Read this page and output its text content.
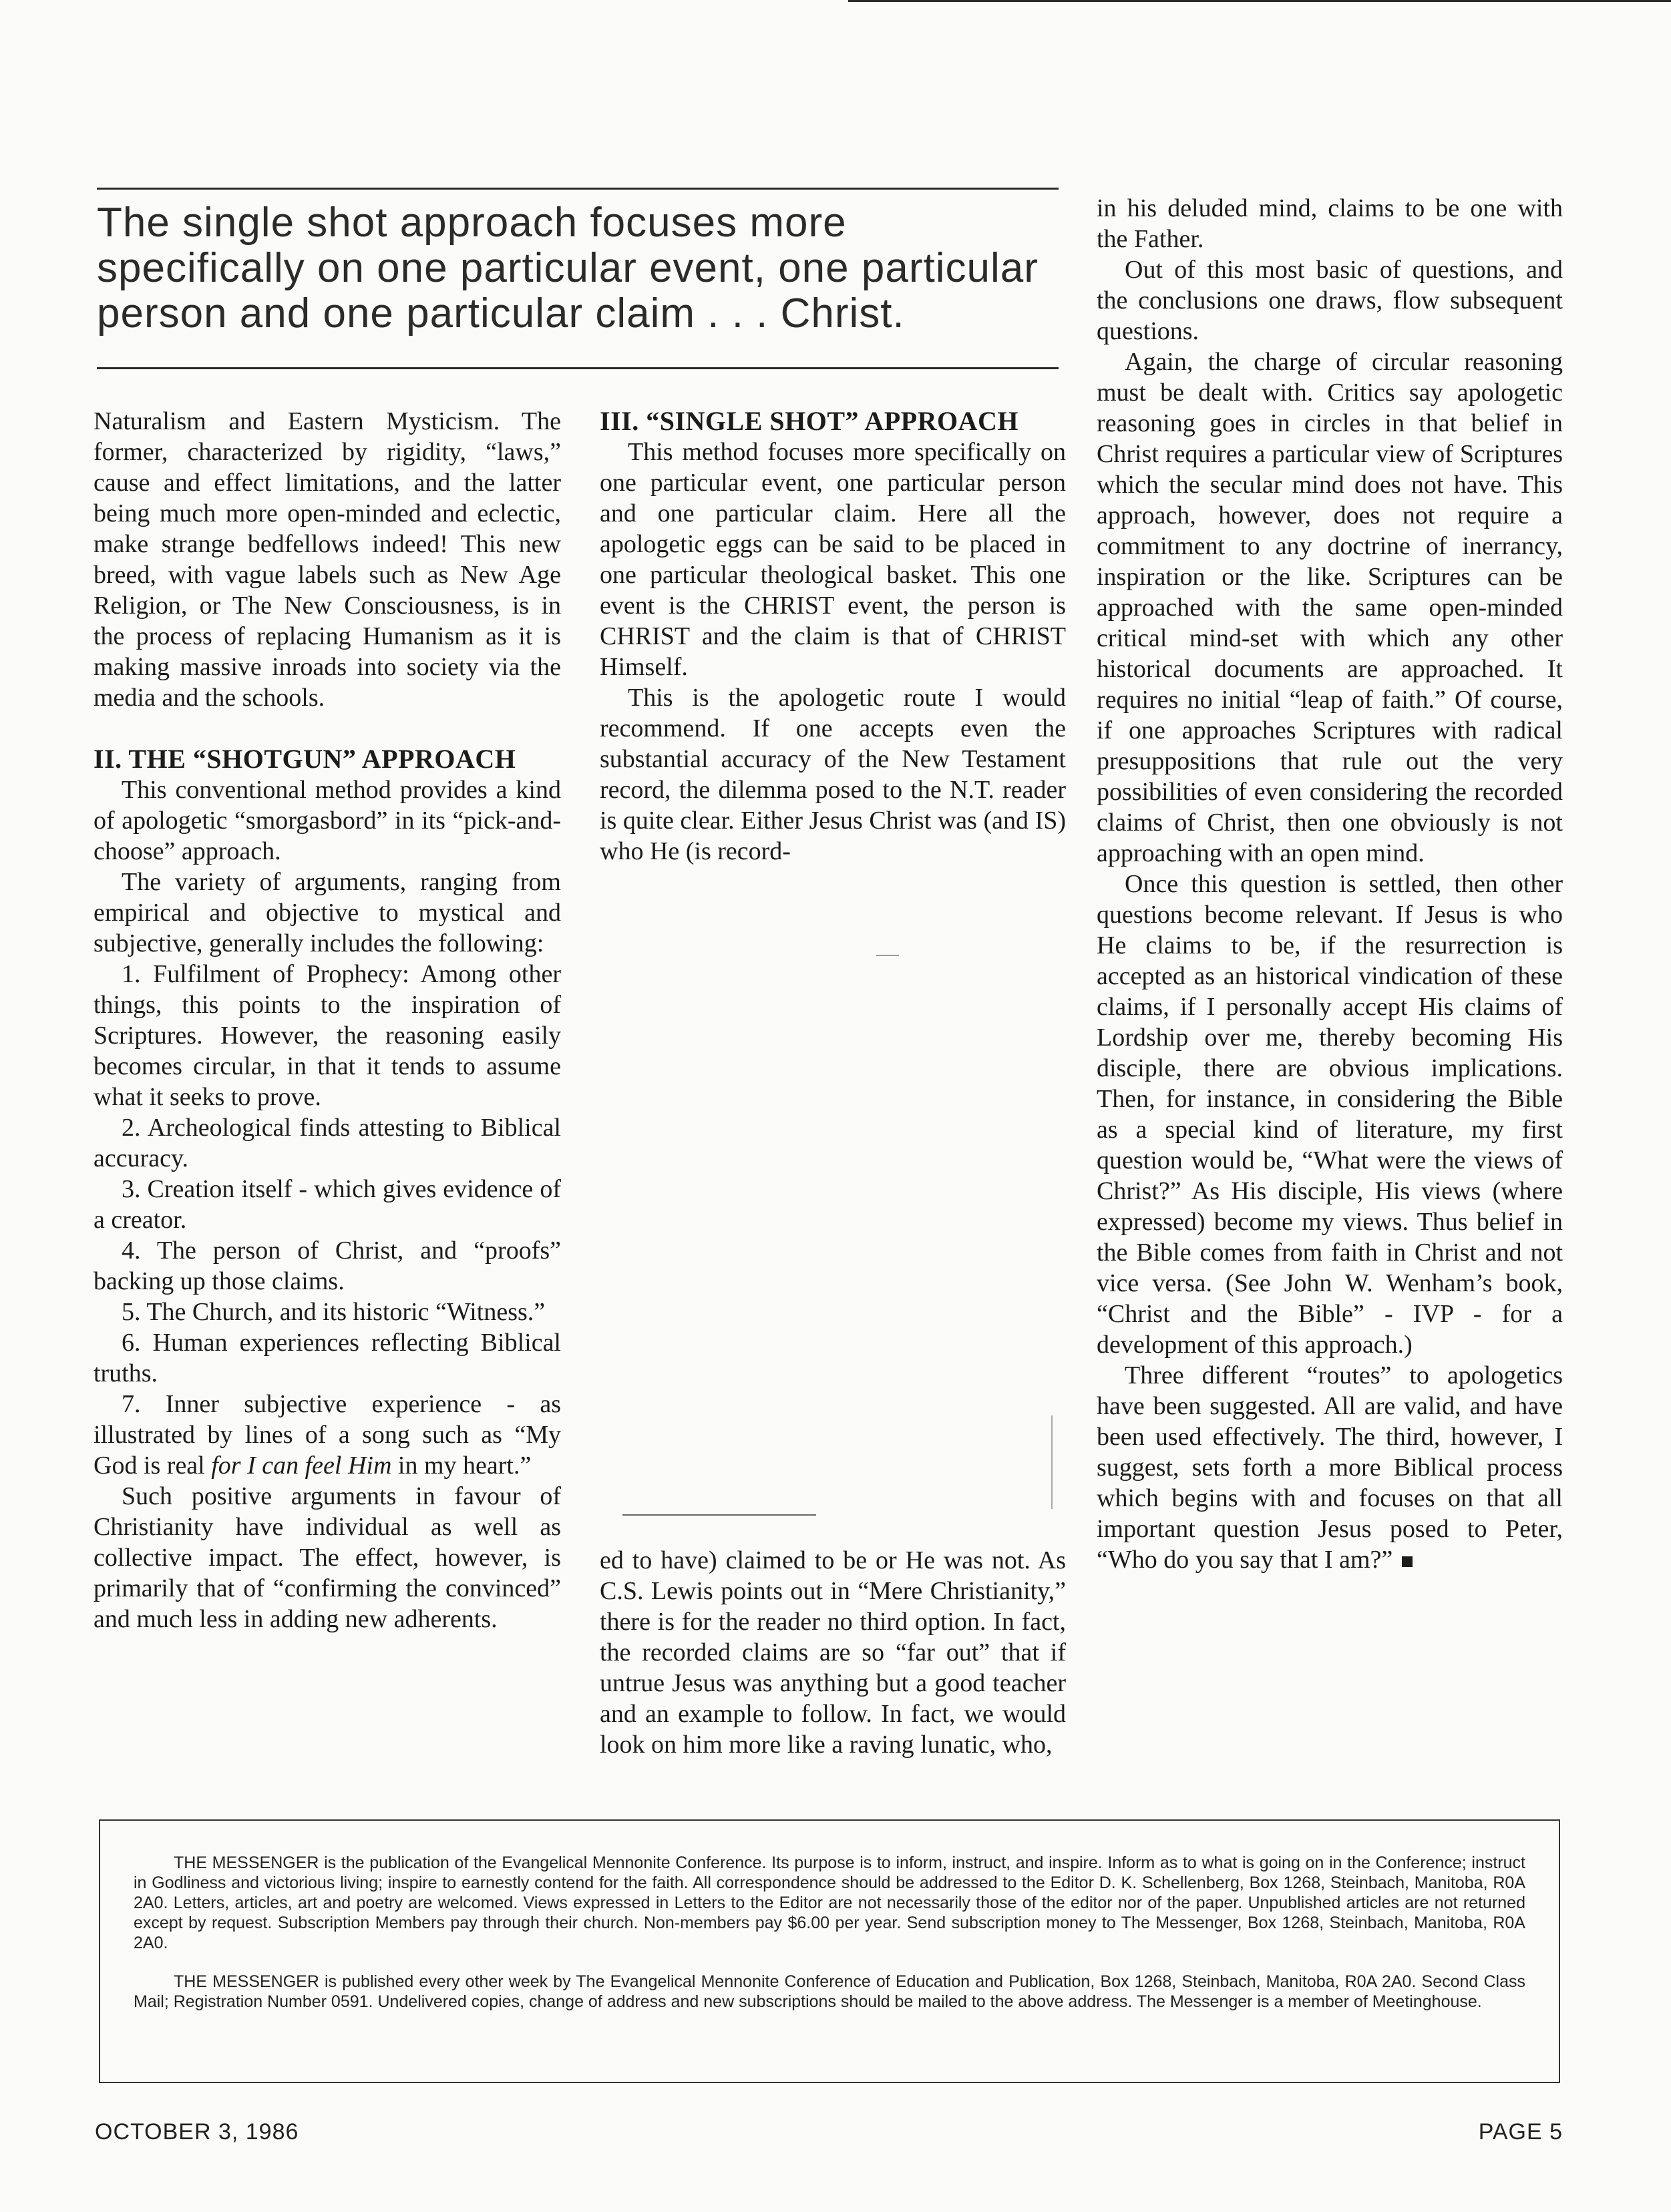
The single shot approach focuses more specifically on one particular event, one particular person and one particular claim . . . Christ.

Naturalism and Eastern Mysticism. The former, characterized by rigidity, “laws,” cause and effect limitations, and the latter being much more open-minded and eclectic, make strange bedfellows indeed! This new breed, with vague labels such as New Age Religion, or The New Consciousness, is in the process of replacing Humanism as it is making massive inroads into society via the media and the schools.

II. THE “SHOTGUN” APPROACH

This conventional method provides a kind of apologetic “smorgasbord” in its “pick-and-choose” approach.

The variety of arguments, ranging from empirical and objective to mystical and subjective, generally includes the following:

1. Fulfilment of Prophecy: Among other things, this points to the inspiration of Scriptures. However, the reasoning easily becomes circular, in that it tends to assume what it seeks to prove.

2. Archeological finds attesting to Biblical accuracy.

3. Creation itself - which gives evidence of a creator.

4. The person of Christ, and “proofs” backing up those claims.

5. The Church, and its historic “Witness.”

6. Human experiences reflecting Biblical truths.

7. Inner subjective experience - as illustrated by lines of a song such as “My God is real for I can feel Him in my heart.”

Such positive arguments in favour of Christianity have individual as well as collective impact. The effect, however, is primarily that of “confirming the convinced” and much less in adding new adherents.

III. “SINGLE SHOT” APPROACH

This method focuses more specifically on one particular event, one particular person and one particular claim. Here all the apologetic eggs can be said to be placed in one particular theological basket. This one event is the CHRIST event, the person is CHRIST and the claim is that of CHRIST Himself.

This is the apologetic route I would recommend. If one accepts even the substantial accuracy of the New Testament record, the dilemma posed to the N.T. reader is quite clear. Either Jesus Christ was (and IS) who He (is record-

ed to have) claimed to be or He was not. As C.S. Lewis points out in “Mere Christianity,” there is for the reader no third option. In fact, the recorded claims are so “far out” that if untrue Jesus was anything but a good teacher and an example to follow. In fact, we would look on him more like a raving lunatic, who,

in his deluded mind, claims to be one with the Father.

Out of this most basic of questions, and the conclusions one draws, flow subsequent questions.

Again, the charge of circular reasoning must be dealt with. Critics say apologetic reasoning goes in circles in that belief in Christ requires a particular view of Scriptures which the secular mind does not have. This approach, however, does not require a commitment to any doctrine of inerrancy, inspiration or the like. Scriptures can be approached with the same open-minded critical mind-set with which any other historical documents are approached. It requires no initial “leap of faith.” Of course, if one approaches Scriptures with radical presuppositions that rule out the very possibilities of even considering the recorded claims of Christ, then one obviously is not approaching with an open mind.

Once this question is settled, then other questions become relevant. If Jesus is who He claims to be, if the resurrection is accepted as an historical vindication of these claims, if I personally accept His claims of Lordship over me, thereby becoming His disciple, there are obvious implications. Then, for instance, in considering the Bible as a special kind of literature, my first question would be, “What were the views of Christ?” As His disciple, His views (where expressed) become my views. Thus belief in the Bible comes from faith in Christ and not vice versa. (See John W. Wenham’s book, “Christ and the Bible” - IVP - for a development of this approach.)

Three different “routes” to apologetics have been suggested. All are valid, and have been used effectively. The third, however, I suggest, sets forth a more Biblical process which begins with and focuses on that all important question Jesus posed to Peter, “Who do you say that I am?”

THE MESSENGER is the publication of the Evangelical Mennonite Conference. Its purpose is to inform, instruct, and inspire. Inform as to what is going on in the Conference; instruct in Godliness and victorious living; inspire to earnestly contend for the faith. All correspondence should be addressed to the Editor D. K. Schellenberg, Box 1268, Steinbach, Manitoba, R0A 2A0. Letters, articles, art and poetry are welcomed. Views expressed in Letters to the Editor are not necessarily those of the editor nor of the paper. Unpublished articles are not returned except by request. Subscription Members pay through their church. Non-members pay $6.00 per year. Send subscription money to The Messenger, Box 1268, Steinbach, Manitoba, R0A 2A0.

THE MESSENGER is published every other week by The Evangelical Mennonite Conference of Education and Publication, Box 1268, Steinbach, Manitoba, R0A 2A0. Second Class Mail; Registration Number 0591. Undelivered copies, change of address and new subscriptions should be mailed to the above address. The Messenger is a member of Meetinghouse.

OCTOBER 3, 1986	PAGE 5
